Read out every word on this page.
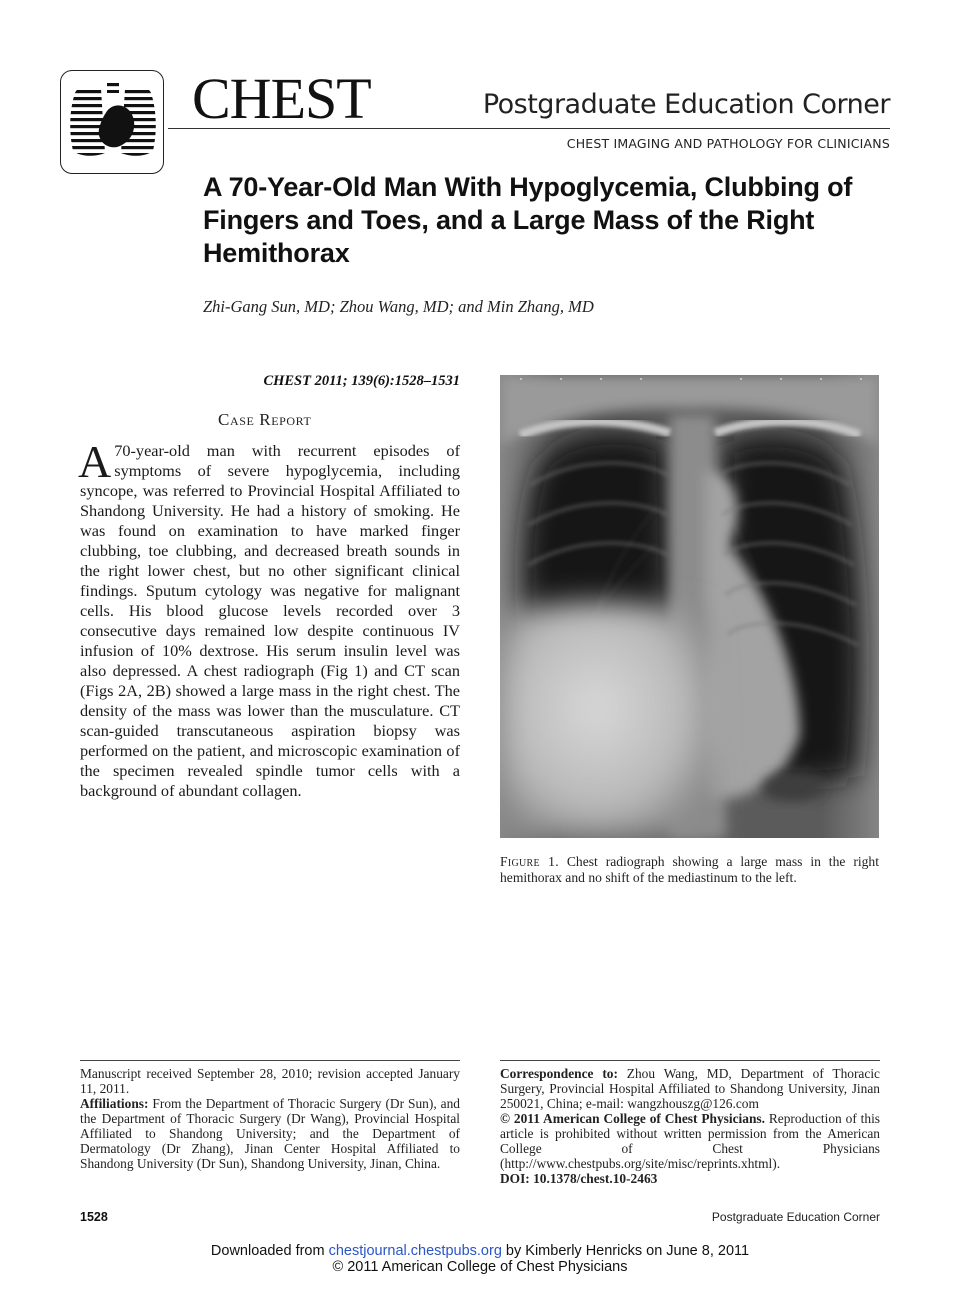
CHEST	Postgraduate Education Corner
CHEST IMAGING AND PATHOLOGY FOR CLINICIANS
A 70-Year-Old Man With Hypoglycemia, Clubbing of Fingers and Toes, and a Large Mass of the Right Hemithorax
Zhi-Gang Sun, MD; Zhou Wang, MD; and Min Zhang, MD
CHEST 2011; 139(6):1528–1531
Case Report

A 70-year-old man with recurrent episodes of symptoms of severe hypoglycemia, including syncope, was referred to Provincial Hospital Affiliated to Shandong University. He had a history of smoking. He was found on examination to have marked finger clubbing, toe clubbing, and decreased breath sounds in the right lower chest, but no other significant clinical findings. Sputum cytology was negative for malignant cells. His blood glucose levels recorded over 3 consecutive days remained low despite continuous IV infusion of 10% dextrose. His serum insulin level was also depressed. A chest radiograph (Fig 1) and CT scan (Figs 2A, 2B) showed a large mass in the right chest. The density of the mass was lower than the musculature. CT scan-guided transcutaneous aspiration biopsy was performed on the patient, and microscopic examination of the specimen revealed spindle tumor cells with a background of abundant collagen.

Figure 1. Chest radiograph showing a large mass in the right hemithorax and no shift of the mediastinum to the left.

Manuscript received September 28, 2010; revision accepted January 11, 2011.

Affiliations: From the Department of Thoracic Surgery (Dr Sun), and the Department of Thoracic Surgery (Dr Wang), Provincial Hospital Affiliated to Shandong University; and the Department of Dermatology (Dr Zhang), Jinan Center Hospital Affiliated to Shandong University (Dr Sun), Shandong University, Jinan, China.

Correspondence to: Zhou Wang, MD, Department of Thoracic Surgery, Provincial Hospital Affiliated to Shandong University, Jinan 250021, China; e-mail: wangzhouszg@126.com

© 2011 American College of Chest Physicians. Reproduction of this article is prohibited without written permission from the American College of Chest Physicians (http://www.chestpubs.org/site/misc/reprints.xhtml).

DOI: 10.1378/chest.10-2463

1528	Postgraduate Education Corner
Downloaded from chestjournal.chestpubs.org by Kimberly Henricks on June 8, 2011
© 2011 American College of Chest Physicians
